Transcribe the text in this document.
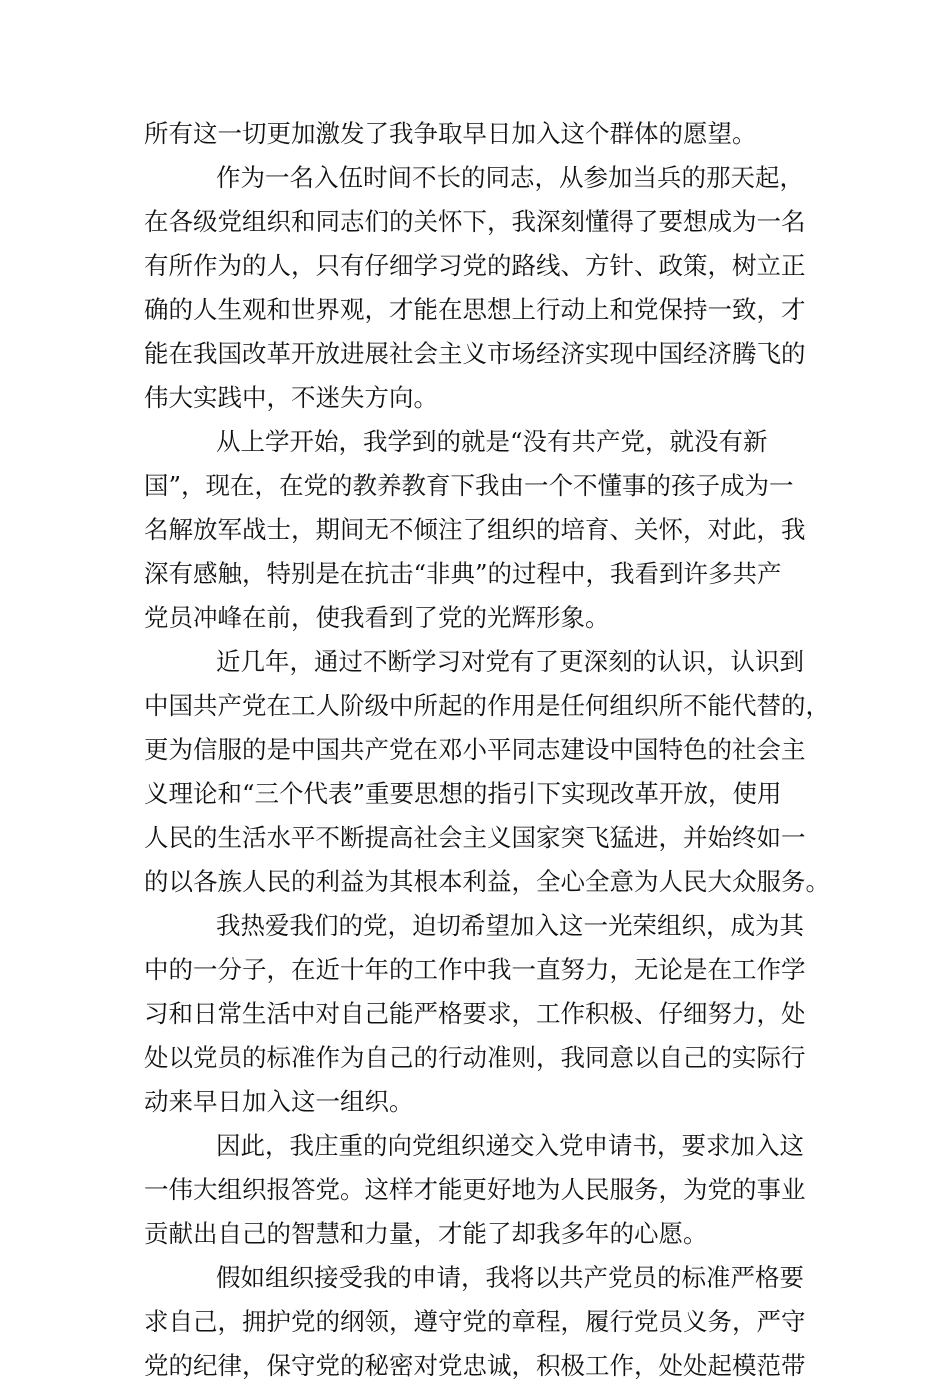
所有这一切更加激发了我争取早日加入这个群体的愿望。
作为一名入伍时间不长的同志，从参加当兵的那天起，
在各级党组织和同志们的关怀下，我深刻懂得了要想成为一名
有所作为的人，只有仔细学习党的路线、方针、政策，树立正
确的人生观和世界观，才能在思想上行动上和党保持一致，才
能在我国改革开放进展社会主义市场经济实现中国经济腾飞的
伟大实践中，不迷失方向。
从上学开始，我学到的就是“没有共产党，就没有新
国”，现在，在党的教养教育下我由一个不懂事的孩子成为一
名解放军战士，期间无不倾注了组织的培育、关怀，对此，我
深有感触，特别是在抗击“非典”的过程中，我看到许多共产
党员冲峰在前，使我看到了党的光辉形象。
近几年，通过不断学习对党有了更深刻的认识，认识到
中国共产党在工人阶级中所起的作用是任何组织所不能代替的，
更为信服的是中国共产党在邓小平同志建设中国特色的社会主
义理论和“三个代表”重要思想的指引下实现改革开放，使用
人民的生活水平不断提高社会主义国家突飞猛进，并始终如一
的以各族人民的利益为其根本利益，全心全意为人民大众服务。
我热爱我们的党，迫切希望加入这一光荣组织，成为其
中的一分子，在近十年的工作中我一直努力，无论是在工作学
习和日常生活中对自己能严格要求，工作积极、仔细努力，处
处以党员的标准作为自己的行动准则，我同意以自己的实际行
动来早日加入这一组织。
因此，我庄重的向党组织递交入党申请书，要求加入这
一伟大组织报答党。这样才能更好地为人民服务，为党的事业
贡献出自己的智慧和力量，才能了却我多年的心愿。
假如组织接受我的申请，我将以共产党员的标准严格要
求自己，拥护党的纲领，遵守党的章程，履行党员义务，严守
党的纪律，保守党的秘密对党忠诚，积极工作，处处起模范带
